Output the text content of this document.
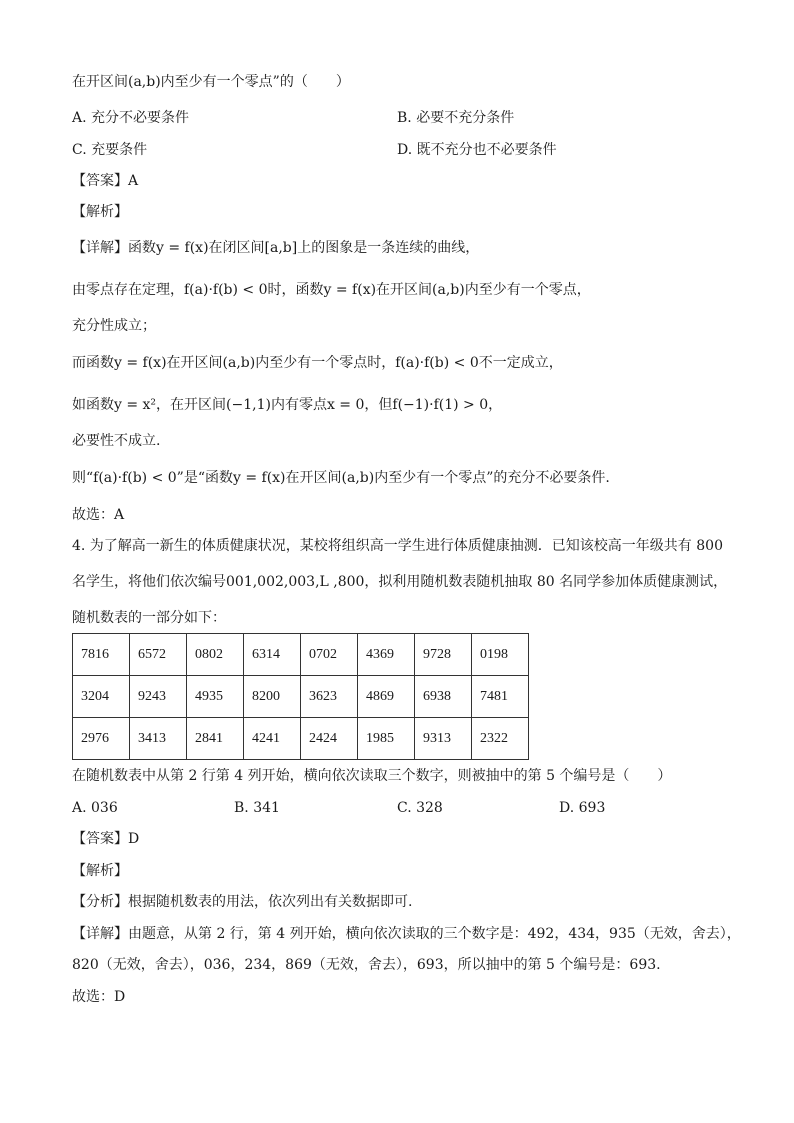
在开区间(a,b)内至少有一个零点”的（　　）
A. 充分不必要条件	B. 必要不充分条件
C. 充要条件	D. 既不充分也不必要条件
【答案】A
【解析】
【详解】函数y = f(x)在闭区间[a,b]上的图象是一条连续的曲线，
由零点存在定理，f(a)·f(b) < 0时，函数y = f(x)在开区间(a,b)内至少有一个零点，
充分性成立；
而函数y = f(x)在开区间(a,b)内至少有一个零点时，f(a)·f(b) < 0不一定成立，
如函数y = x²，在开区间(−1,1)内有零点x = 0，但f(−1)·f(1) > 0，
必要性不成立.
则“f(a)·f(b) < 0”是“函数y = f(x)在开区间(a,b)内至少有一个零点”的充分不必要条件.
故选：A
4. 为了解高一新生的体质健康状况，某校将组织高一学生进行体质健康抽测．已知该校高一年级共有 800
名学生，将他们依次编号001,002,003,L ,800，拟利用随机数表随机抽取 80 名同学参加体质健康测试，
随机数表的一部分如下：
7816	6572	0802	6314	0702	4369	9728	0198
3204	9243	4935	8200	3623	4869	6938	7481
2976	3413	2841	4241	2424	1985	9313	2322
在随机数表中从第 2 行第 4 列开始，横向依次读取三个数字，则被抽中的第 5 个编号是（　　）
A. 036	B. 341	C. 328	D. 693
【答案】D
【解析】
【分析】根据随机数表的用法，依次列出有关数据即可.
【详解】由题意，从第 2 行，第 4 列开始，横向依次读取的三个数字是：492，434，935（无效，舍去），
820（无效，舍去），036，234，869（无效，舍去），693，所以抽中的第 5 个编号是：693.
故选：D
